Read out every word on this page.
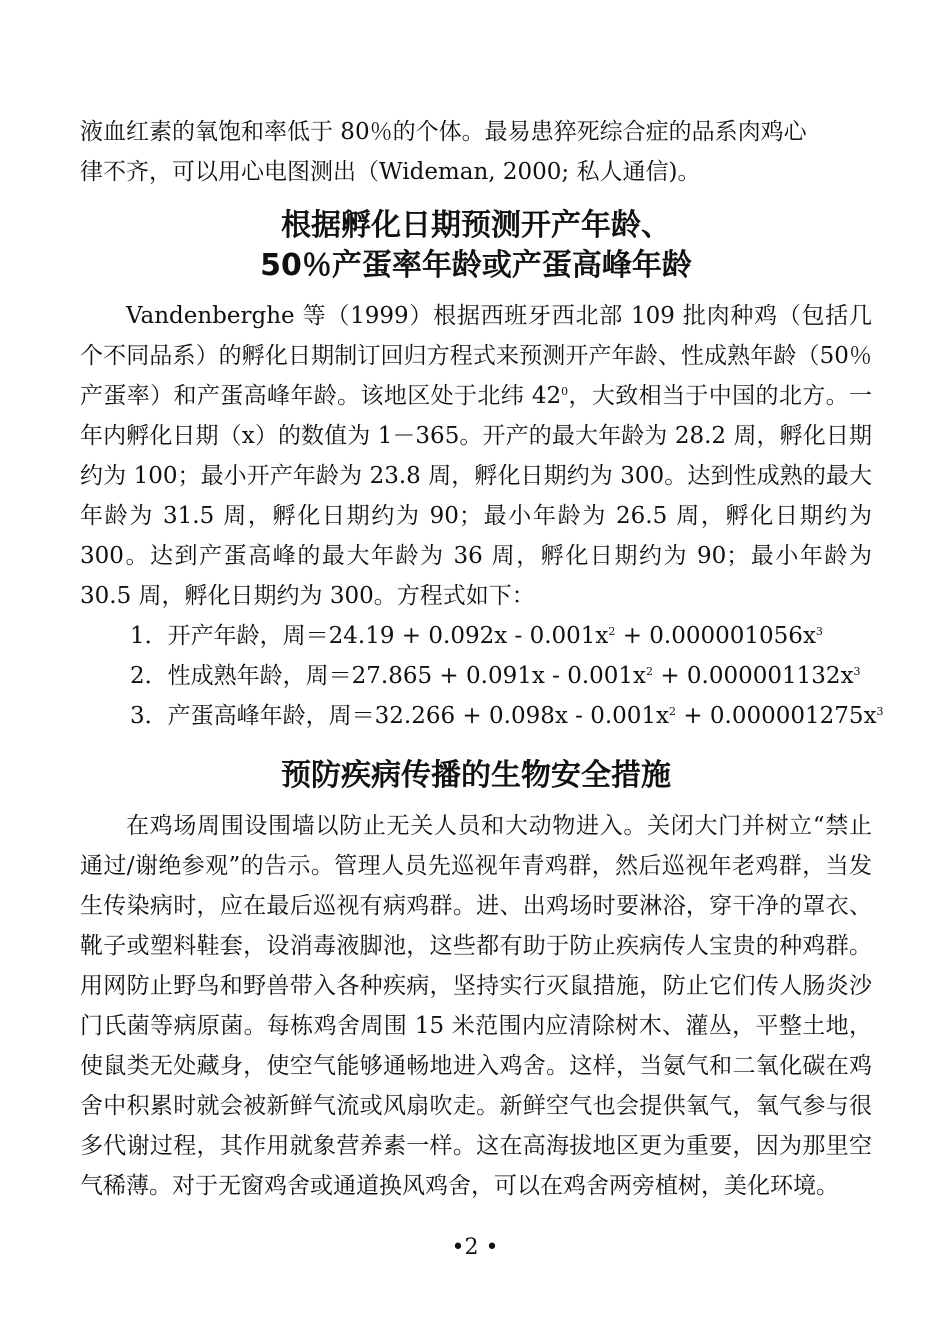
液血红素的氧饱和率低于 80％的个体。最易患猝死综合症的品系肉鸡心
律不齐，可以用心电图测出（Wideman, 2000; 私人通信)。

根据孵化日期预测开产年龄、
50％产蛋率年龄或产蛋高峰年龄

Vandenberghe 等（1999）根据西班牙西北部 109 批肉种鸡（包括几个不同品系）的孵化日期制订回归方程式来预测开产年龄、性成熟年龄（50％产蛋率）和产蛋高峰年龄。该地区处于北纬 $42^0$，大致相当于中国的北方。一年内孵化日期（x）的数值为 1－365。开产的最大年龄为 28.2 周，孵化日期约为 100；最小开产年龄为 23.8 周，孵化日期约为 300。达到性成熟的最大年龄为 31.5 周，孵化日期约为 90；最小年龄为 26.5 周，孵化日期约为 300。达到产蛋高峰的最大年龄为 36 周，孵化日期约为 90；最小年龄为 30.5 周，孵化日期约为 300。方程式如下：

1．开产年龄，周$=24.19 + 0.092x - 0.001x^2 + 0.000001056x^3$
2．性成熟年龄，周$=27.865 + 0.091x - 0.001x^2 + 0.000001132x^3$
3．产蛋高峰年龄，周$=32.266 + 0.098x - 0.001x^2 + 0.000001275x^3$
预防疾病传播的生物安全措施

在鸡场周围设围墙以防止无关人员和大动物进入。关闭大门并树立“禁止通过/谢绝参观”的告示。管理人员先巡视年青鸡群，然后巡视年老鸡群，当发生传染病时，应在最后巡视有病鸡群。进、出鸡场时要淋浴，穿干净的罩衣、靴子或塑料鞋套，设消毒液脚池，这些都有助于防止疾病传人宝贵的种鸡群。用网防止野鸟和野兽带入各种疾病，坚持实行灭鼠措施，防止它们传人肠炎沙门氏菌等病原菌。每栋鸡舍周围 15 米范围内应清除树木、灌丛，平整土地，使鼠类无处藏身，使空气能够通畅地进入鸡舍。这样，当氨气和二氧化碳在鸡舍中积累时就会被新鲜气流或风扇吹走。新鲜空气也会提供氧气，氧气参与很多代谢过程，其作用就象营养素一样。这在高海拔地区更为重要，因为那里空气稀薄。对于无窗鸡舍或通道换风鸡舍，可以在鸡舍两旁植树，美化环境。

•2 •
